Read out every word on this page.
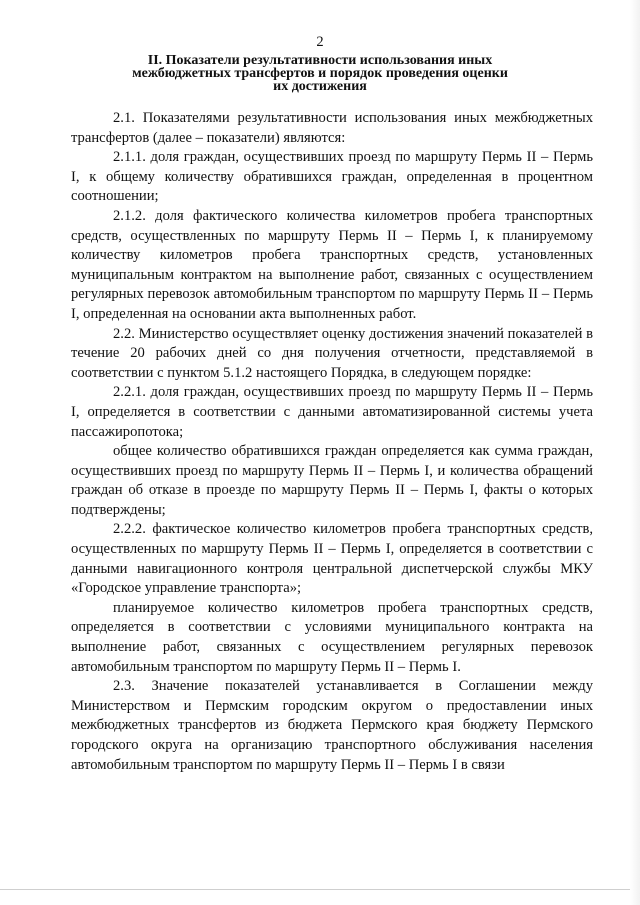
2
II. Показатели результативности использования иных
межбюджетных трансфертов и порядок проведения оценки
их достижения

2.1. Показателями результативности использования иных межбюджетных трансфертов (далее – показатели) являются:

2.1.1. доля граждан, осуществивших проезд по маршруту Пермь II – Пермь I, к общему количеству обратившихся граждан, определенная в процентном соотношении;

2.1.2. доля фактического количества километров пробега транспортных средств, осуществленных по маршруту Пермь II – Пермь I, к планируемому количеству километров пробега транспортных средств, установленных муниципальным контрактом на выполнение работ, связанных с осуществлением регулярных перевозок автомобильным транспортом по маршруту Пермь II – Пермь I, определенная на основании акта выполненных работ.

2.2. Министерство осуществляет оценку достижения значений показателей в течение 20 рабочих дней со дня получения отчетности, представляемой в соответствии с пунктом 5.1.2 настоящего Порядка, в следующем порядке:

2.2.1. доля граждан, осуществивших проезд по маршруту Пермь II – Пермь I, определяется в соответствии с данными автоматизированной системы учета пассажиропотока;

общее количество обратившихся граждан определяется как сумма граждан, осуществивших проезд по маршруту Пермь II – Пермь I, и количества обращений граждан об отказе в проезде по маршруту Пермь II – Пермь I, факты о которых подтверждены;

2.2.2. фактическое количество километров пробега транспортных средств, осуществленных по маршруту Пермь II – Пермь I, определяется в соответствии с данными навигационного контроля центральной диспетчерской службы МКУ «Городское управление транспорта»;

планируемое количество километров пробега транспортных средств, определяется в соответствии с условиями муниципального контракта на выполнение работ, связанных с осуществлением регулярных перевозок автомобильным транспортом по маршруту Пермь II – Пермь I.

2.3. Значение показателей устанавливается в Соглашении между Министерством и Пермским городским округом о предоставлении иных межбюджетных трансфертов из бюджета Пермского края бюджету Пермского городского округа на организацию транспортного обслуживания населения автомобильным транспортом по маршруту Пермь II – Пермь I в связи
